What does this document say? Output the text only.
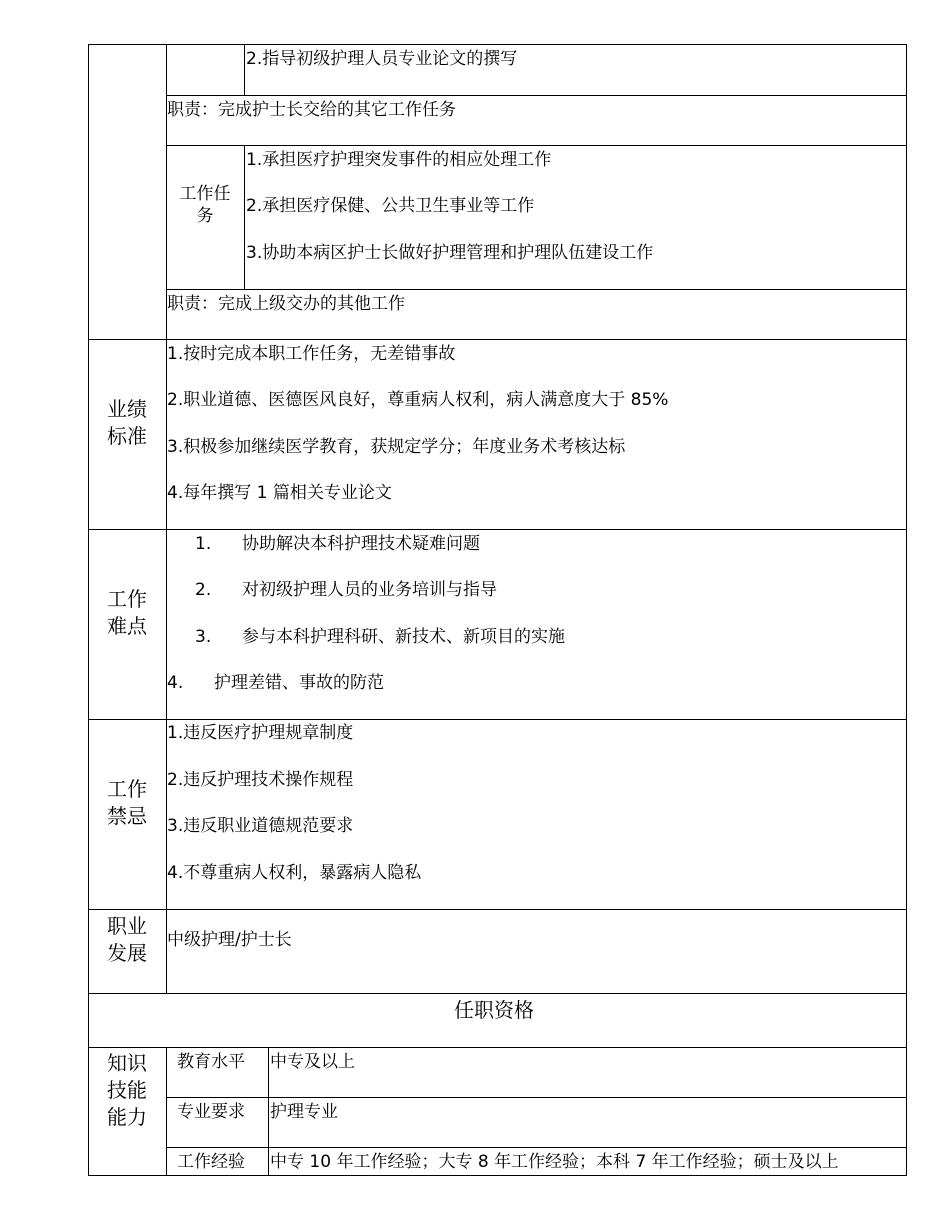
2.指导初级护理人员专业论文的撰写
职责：完成护士长交给的其它工作任务
工作任
务
1.承担医疗护理突发事件的相应处理工作
2.承担医疗保健、公共卫生事业等工作
3.协助本病区护士长做好护理管理和护理队伍建设工作
职责：完成上级交办的其他工作
业绩
标准
1.按时完成本职工作任务，无差错事故
2.职业道德、医德医风良好，尊重病人权利，病人满意度大于 85%
3.积极参加继续医学教育，获规定学分；年度业务术考核达标
4.每年撰写 1 篇相关专业论文
工作
难点
1. 协助解决本科护理技术疑难问题
2. 对初级护理人员的业务培训与指导
3. 参与本科护理科研、新技术、新项目的实施
4. 护理差错、事故的防范
工作
禁忌
1.违反医疗护理规章制度
2.违反护理技术操作规程
3.违反职业道德规范要求
4.不尊重病人权利，暴露病人隐私
职业
发展
中级护理/护士长
任职资格
知识
技能
能力
教育水平 中专及以上
专业要求 护理专业
工作经验 中专 10 年工作经验；大专 8 年工作经验；本科 7 年工作经验；硕士及以上
